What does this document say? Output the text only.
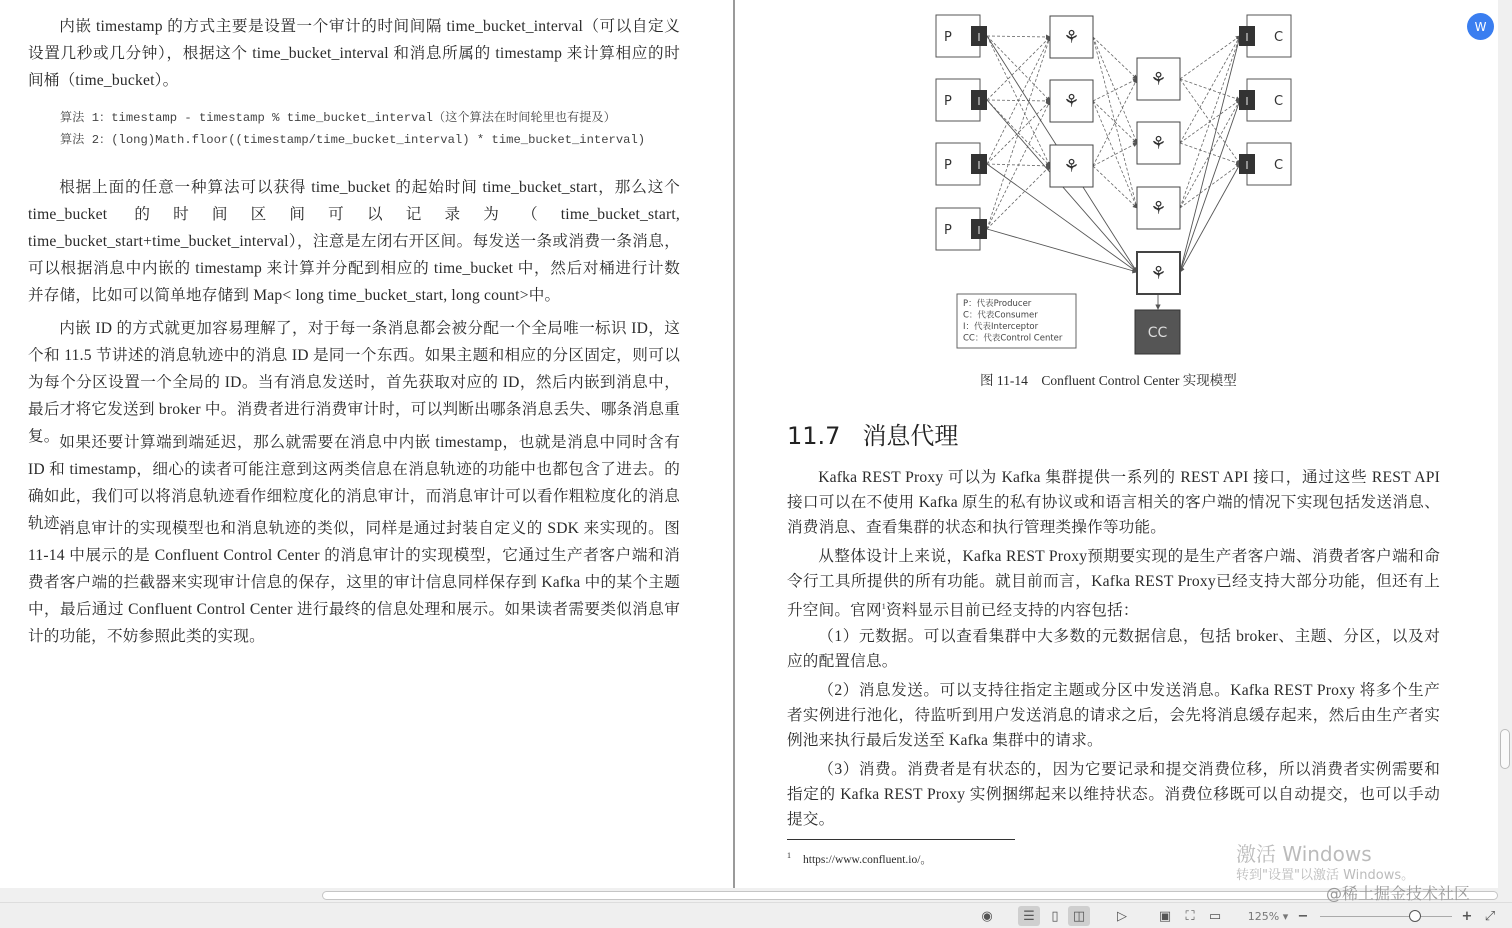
内嵌 timestamp 的方式主要是设置一个审计的时间间隔 time_bucket_interval（可以自定义设置几秒或几分钟），根据这个 time_bucket_interval 和消息所属的 timestamp 来计算相应的时间桶（time_bucket）。

算法 1：timestamp - timestamp % time_bucket_interval（这个算法在时间轮里也有提及）
算法 2：(long)Math.floor((timestamp/time_bucket_interval) * time_bucket_interval)

根据上面的任意一种算法可以获得 time_bucket 的起始时间 time_bucket_start，那么这个 time_bucket 的时间区间可以记录为（time_bucket_start, time_bucket_start+time_bucket_interval），注意是左闭右开区间。每发送一条或消费一条消息，可以根据消息中内嵌的 timestamp 来计算并分配到相应的 time_bucket 中，然后对桶进行计数并存储，比如可以简单地存储到 Map< long time_bucket_start, long count>中。

内嵌 ID 的方式就更加容易理解了，对于每一条消息都会被分配一个全局唯一标识 ID，这个和 11.5 节讲述的消息轨迹中的消息 ID 是同一个东西。如果主题和相应的分区固定，则可以为每个分区设置一个全局的 ID。当有消息发送时，首先获取对应的 ID，然后内嵌到消息中，最后才将它发送到 broker 中。消费者进行消费审计时，可以判断出哪条消息丢失、哪条消息重复。 如果还要计算端到端延迟，那么就需要在消息中内嵌 timestamp，也就是消息中同时含有 ID 和 timestamp，细心的读者可能注意到这两类信息在消息轨迹的功能中也都包含了进去。的确如此，我们可以将消息轨迹看作细粒度化的消息审计，而消息审计可以看作粗粒度化的消息轨迹。

消息审计的实现模型也和消息轨迹的类似，同样是通过封装自定义的 SDK 来实现的。图 11-14 中展示的是 Confluent Control Center 的消息审计的实现模型，它通过生产者客户端和消费者客户端的拦截器来实现审计信息的保存，这里的审计信息同样保存到 Kafka 中的某个主题中，最后通过 Confluent Control Center 进行最终的信息处理和展示。如果读者需要类似消息审计的功能，不妨参照此类的实现。

P I
P I
P I
P I
C
I
C
I
C
I
⚘
⚘
⚘
⚘
⚘
⚘
⚘
CC
P：代表Producer
C：代表Consumer
I：代表Interceptor
CC：代表Control Center
图 11-14　Confluent Control Center 实现模型
11.7 消息代理

Kafka REST Proxy 可以为 Kafka 集群提供一系列的 REST API 接口，通过这些 REST API 接口可以在不使用 Kafka 原生的私有协议或和语言相关的客户端的情况下实现包括发送消息、消费消息、查看集群的状态和执行管理类操作等功能。

从整体设计上来说，Kafka REST Proxy预期要实现的是生产者客户端、消费者客户端和命令行工具所提供的所有功能。就目前而言，Kafka REST Proxy已经支持大部分功能，但还有上升空间。官网$^1$资料显示目前已经支持的内容包括：

（1）元数据。可以查看集群中大多数的元数据信息，包括 broker、主题、分区，以及对应的配置信息。

（2）消息发送。可以支持往指定主题或分区中发送消息。Kafka REST Proxy 将多个生产者实例进行池化，待监听到用户发送消息的请求之后，会先将消息缓存起来，然后由生产者实例池来执行最后发送至 Kafka 集群中的请求。

（3）消费。消费者是有状态的，因为它要记录和提交消费位移，所以消费者实例需要和指定的 Kafka REST Proxy 实例捆绑起来以维持状态。消费位移既可以自动提交，也可以手动提交。

$^1$ https://www.confluent.io/。
W
激活 Windows
转到"设置"以激活 Windows。
@稀土掘金技术社区
◉	☰	▯	◫	▷	▣	⛶	▭	125% ▾ −	+ ⤢
